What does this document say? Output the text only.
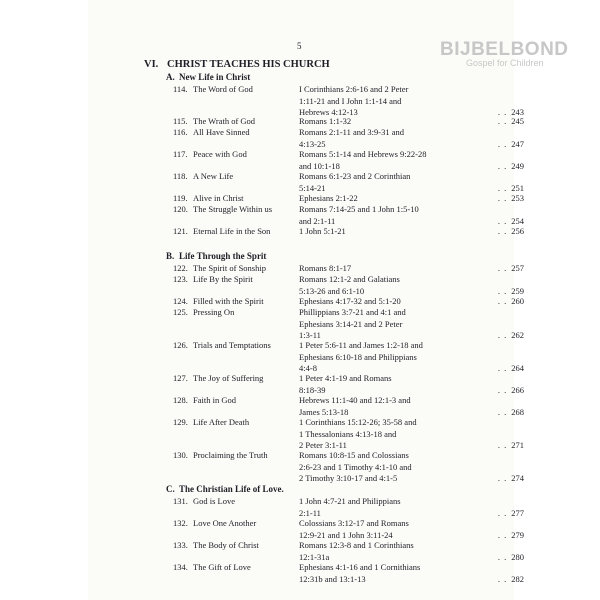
5	BIJBELBOND
Gospel for Children
VI. CHRIST TEACHES HIS CHURCH
A. New Life in Christ
114. The Word of God	I Corinthians 2:6-16 and 2 Peter
1:11-21 and I John 1:1-14 and
Hebrews 4:12-13	. . 243
115. The Wrath of God	Romans 1:1-32	. . 245
116. All Have Sinned	Romans 2:1-11 and 3:9-31 and
4:13-25	. . 247
117. Peace with God	Romans 5:1-14 and Hebrews 9:22-28
and 10:1-18	. . 249
118. A New Life	Romans 6:1-23 and 2 Corinthian
5:14-21	. . 251
119. Alive in Christ	Ephesians 2:1-22	. . 253
120. The Struggle Within us	Romans 7:14-25 and 1 John 1:5-10
and 2:1-11	. . 254
121. Eternal Life in the Son	1 John 5:1-21	. . 256
B. Life Through the Sprit
122. The Spirit of Sonship	Romans 8:1-17	. . 257
123. Life By the Spirit	Romans 12:1-2 and Galatians
5:13-26 and 6:1-10	. . 259
124. Filled with the Spirit	Ephesians 4:17-32 and 5:1-20	. . 260
125. Pressing On	Phillippians 3:7-21 and 4:1 and
Ephesians 3:14-21 and 2 Peter
1:3-11	. . 262
126. Trials and Temptations	1 Peter 5:6-11 and James 1:2-18 and
Ephesians 6:10-18 and Philippians
4:4-8	. . 264
127. The Joy of Suffering	1 Peter 4:1-19 and Romans
8:18-39	. . 266
128. Faith in God	Hebrews 11:1-40 and 12:1-3 and
James 5:13-18	. . 268
129. Life After Death	1 Corinthians 15:12-26; 35-58 and
1 Thessalonians 4:13-18 and
2 Peter 3:1-11	. . 271
130. Proclaiming the Truth	Romans 10:8-15 and Colossians
2:6-23 and 1 Timothy 4:1-10 and
2 Timothy 3:10-17 and 4:1-5	. . 274
C. The Christian Life of Love.
131. God is Love	1 John 4:7-21 and Philippians
2:1-11	. . 277
132. Love One Another	Colossians 3:12-17 and Romans
12:9-21 and 1 John 3:11-24	. . 279
133. The Body of Christ	Romans 12:3-8 and 1 Corinthians
12:1-31a	. . 280
134. The Gift of Love	Ephesians 4:1-16 and 1 Cornithians
12:31b and 13:1-13	. . 282
